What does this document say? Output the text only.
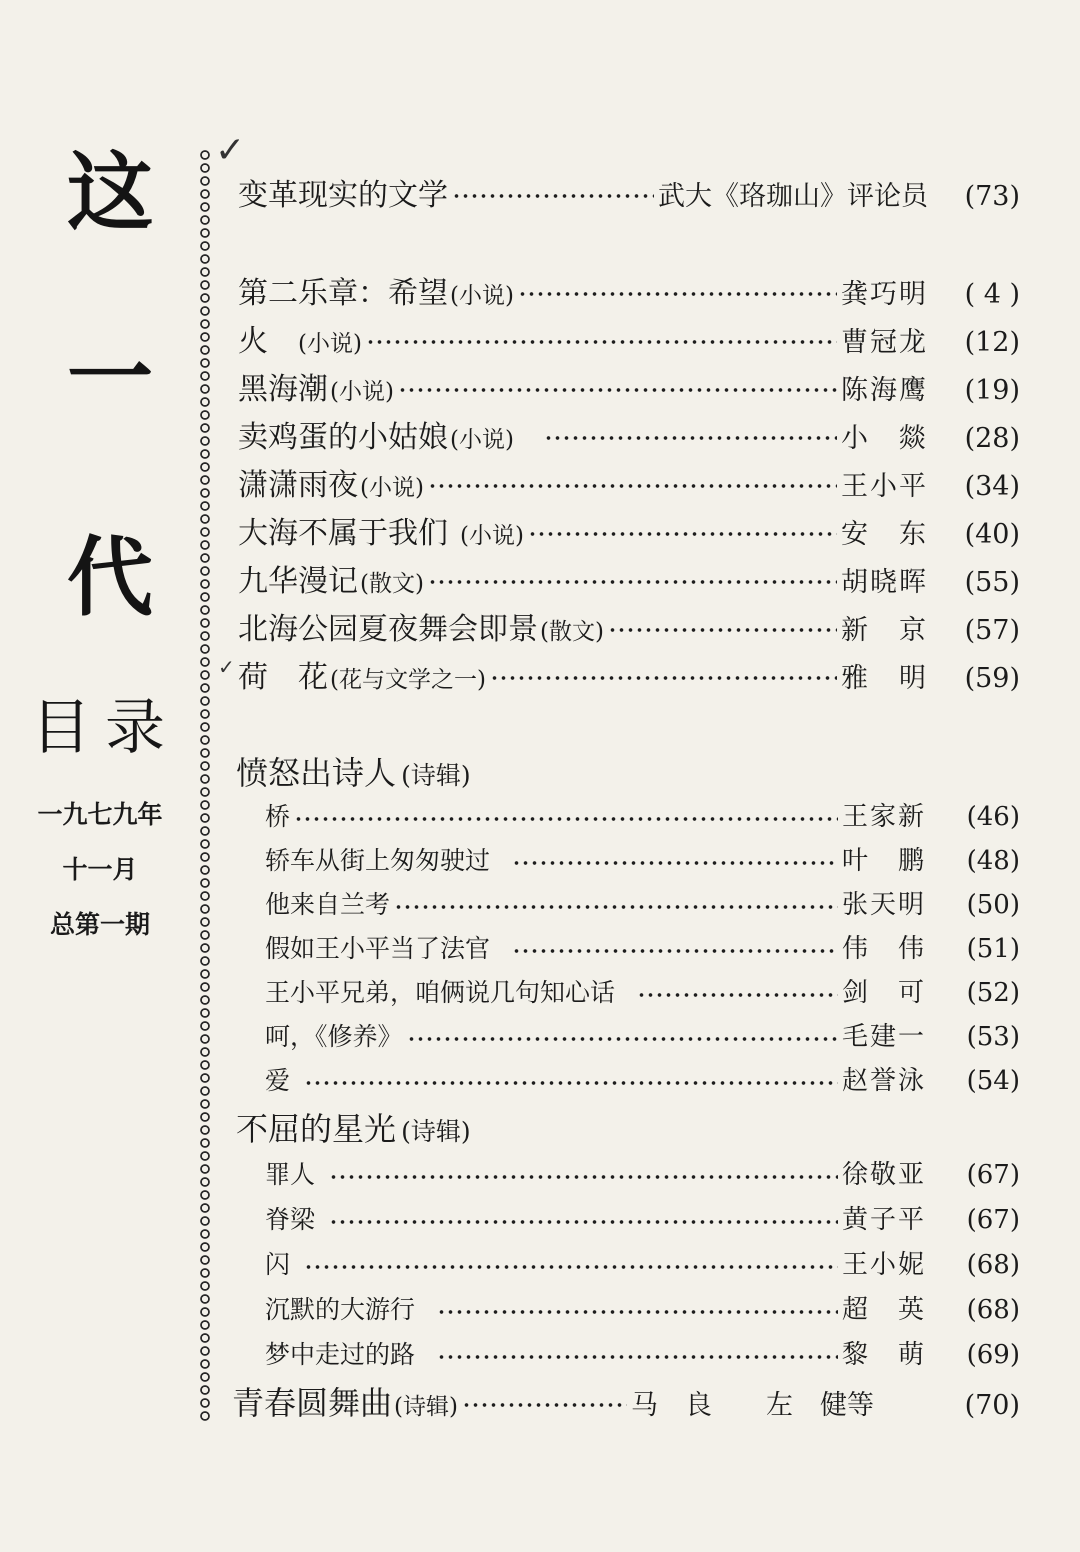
这
一
代
目录
一九七九年
十一月
总第一期
✓
✓
变革现实的文学	武大《珞珈山》评论员	(73)
第二乐章：希望 (小说)	龚巧明	( 4 )
火 (小说)	曹冠龙	(12)
黑海潮 (小说)	陈海鹰	(19)
卖鸡蛋的小姑娘 (小说)	小　燚	(28)
潇潇雨夜 (小说)	王小平	(34)
大海不属于我们 (小说)	安　东	(40)
九华漫记 (散文)	胡晓晖	(55)
北海公园夏夜舞会即景 (散文)	新　京	(57)
荷　花 (花与文学之一)	雅　明	(59)
愤怒出诗人 (诗辑)
桥	王家新	(46)
轿车从街上匆匆驶过	叶　鹏	(48)
他来自兰考	张天明	(50)
假如王小平当了法官	伟　伟	(51)
王小平兄弟，咱俩说几句知心话	剑　可	(52)
呵，《修养》	毛建一	(53)
爱	赵誉泳	(54)
不屈的星光 (诗辑)
罪人	徐敬亚	(67)
脊梁	黄子平	(67)
闪	王小妮	(68)
沉默的大游行	超　英	(68)
梦中走过的路	黎　萌	(69)
青春圆舞曲 (诗辑)	马　良　　左　健等	(70)
